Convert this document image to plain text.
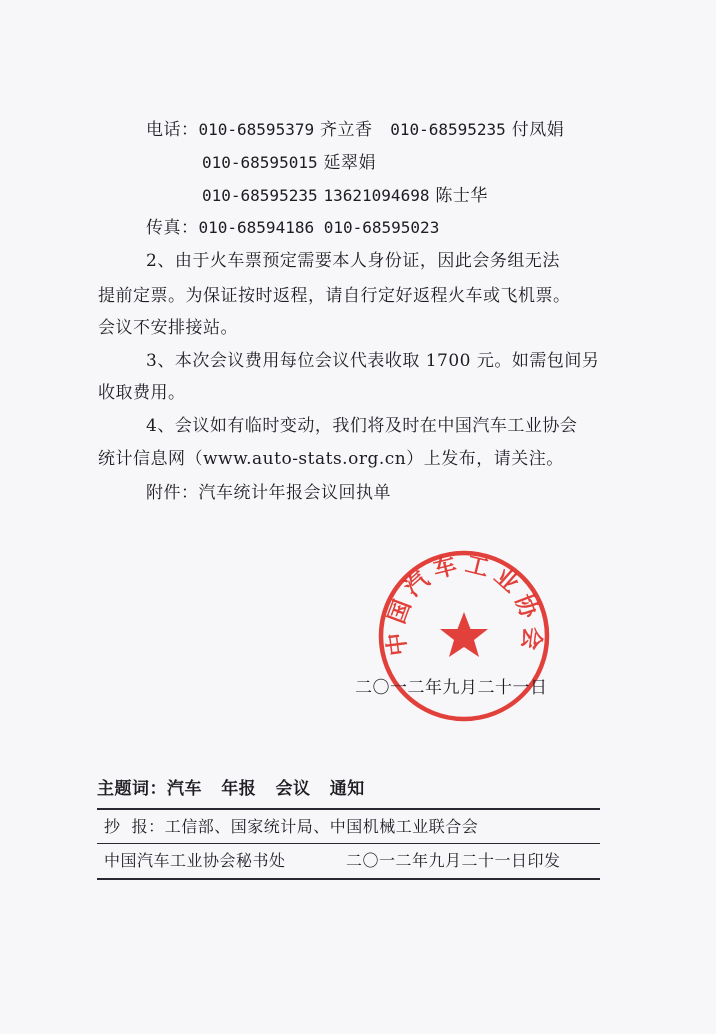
电话：010-68595379 齐立香 010-68595235 付凤娟
010-68595015 延翠娟
010-68595235 13621094698 陈士华
传真：010-68594186 010-68595023
2、由于火车票预定需要本人身份证，因此会务组无法
提前定票。为保证按时返程，请自行定好返程火车或飞机票。
会议不安排接站。
3、本次会议费用每位会议代表收取 1700 元。如需包间另
收取费用。
4、会议如有临时变动，我们将及时在中国汽车工业协会
统计信息网（www.auto-stats.org.cn）上发布，请关注。
附件：汽车统计年报会议回执单
中国汽车工业协会
二〇一二年九月二十一日
主题词：汽车   年报   会议   通知
抄  报：工信部、国家统计局、中国机械工业联合会
中国汽车工业协会秘书处	二〇一二年九月二十一日印发
